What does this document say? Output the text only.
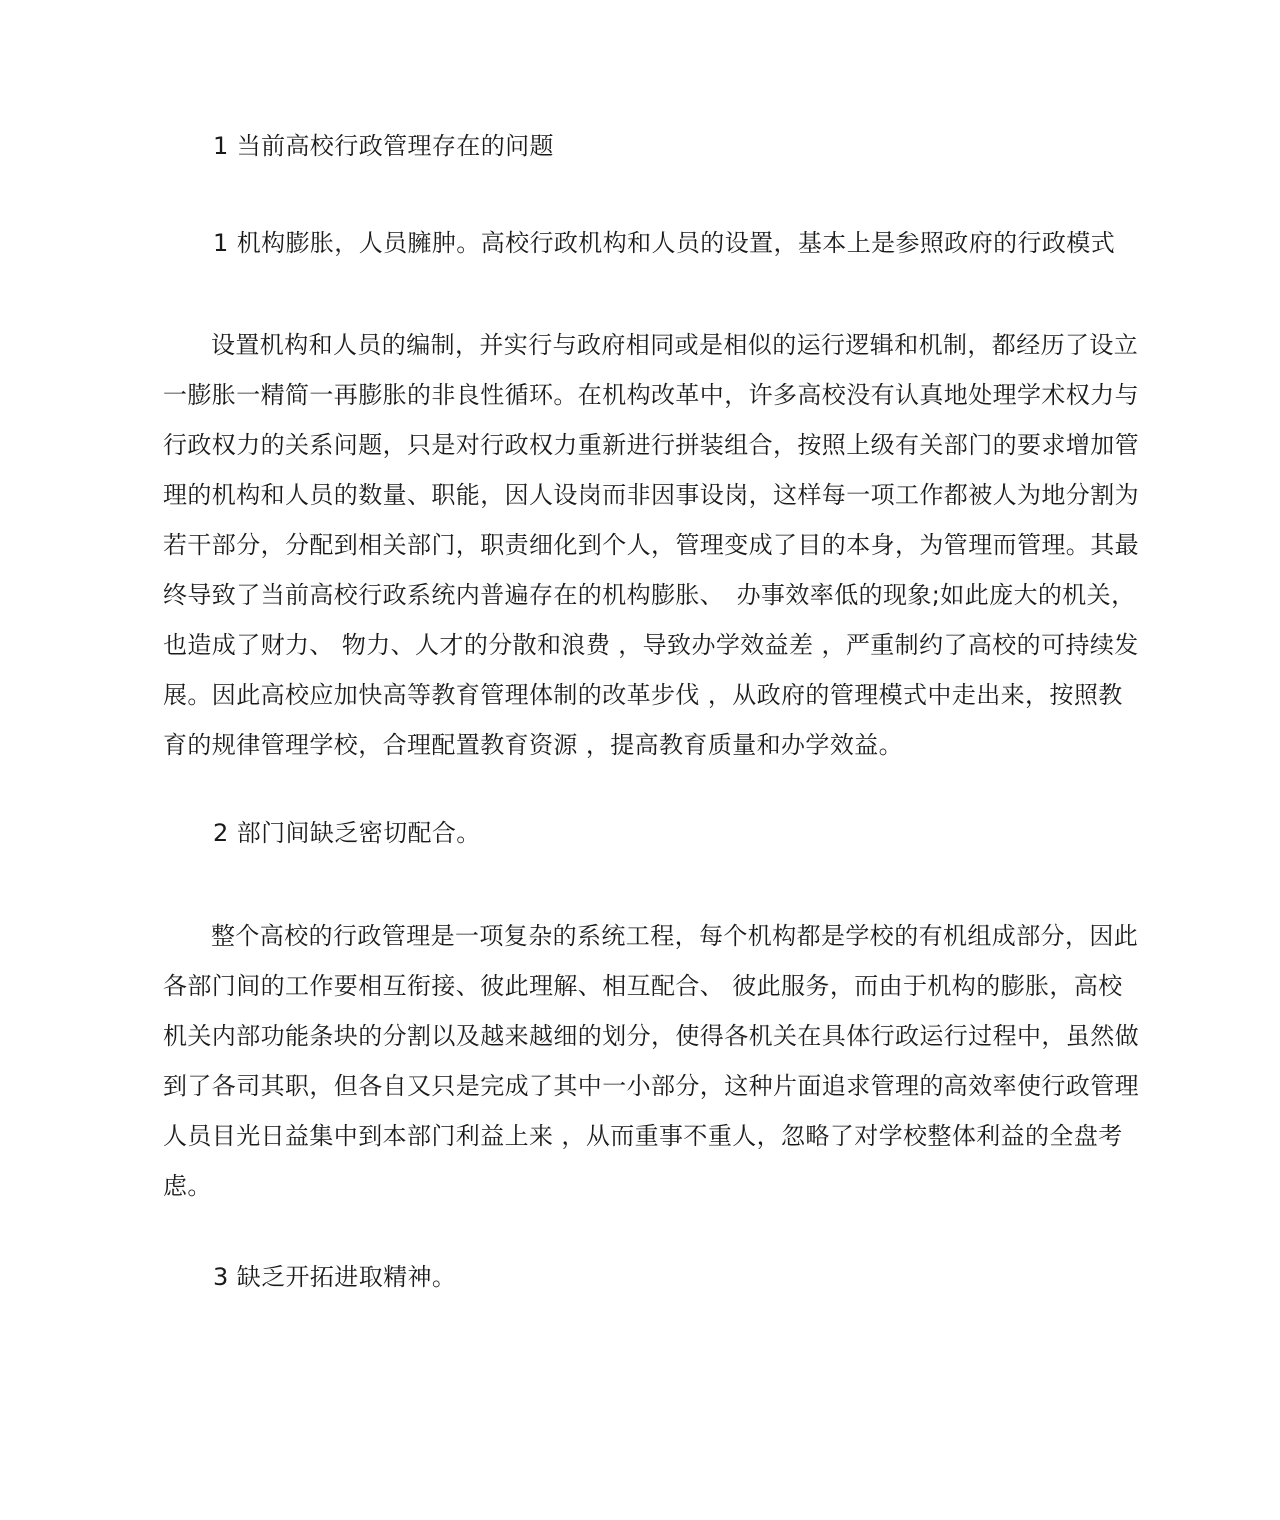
1 当前高校行政管理存在的问题
1 机构膨胀，人员臃肿。高校行政机构和人员的设置，基本上是参照政府的行政模式
设置机构和人员的编制，并实行与政府相同或是相似的运行逻辑和机制，都经历了设立一膨胀一精简一再膨胀的非良性循环。在机构改革中，许多高校没有认真地处理学术权力与行政权力的关系问题，只是对行政权力重新进行拼装组合，按照上级有关部门的要求增加管理的机构和人员的数量、职能，因人设岗而非因事设岗，这样每一项工作都被人为地分割为若干部分，分配到相关部门，职责细化到个人，管理变成了目的本身，为管理而管理。其最终导致了当前高校行政系统内普遍存在的机构膨胀、　办事效率低的现象;如此庞大的机关，也造成了财力、 物力、人才的分散和浪费 ，导致办学效益差 ，严重制约了高校的可持续发展。因此高校应加快高等教育管理体制的改革步伐 ，从政府的管理模式中走出来，按照教育的规律管理学校，合理配置教育资源 ，提高教育质量和办学效益。
2 部门间缺乏密切配合。
整个高校的行政管理是一项复杂的系统工程，每个机构都是学校的有机组成部分，因此各部门间的工作要相互衔接、彼此理解、相互配合、 彼此服务，而由于机构的膨胀，高校机关内部功能条块的分割以及越来越细的划分，使得各机关在具体行政运行过程中，虽然做到了各司其职，但各自又只是完成了其中一小部分，这种片面追求管理的高效率使行政管理人员目光日益集中到本部门利益上来 ，从而重事不重人，忽略了对学校整体利益的全盘考虑。
3 缺乏开拓进取精神。
